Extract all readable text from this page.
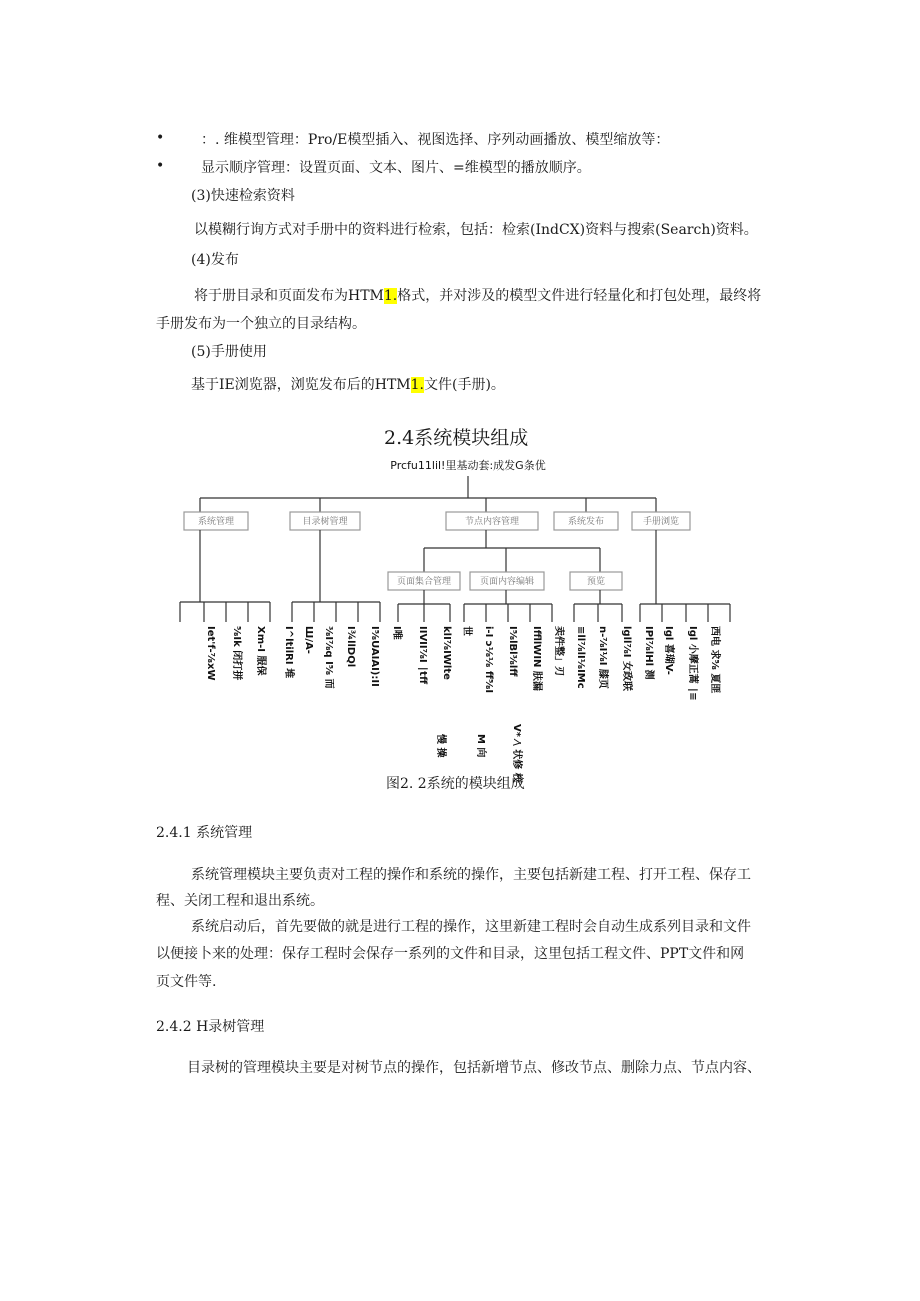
•	：. 维模型管理：Pro/E模型插入、视图选择、序列动画播放、模型缩放等：
•	显示顺序管理：设置页面、文本、图片、=维模型的播放顺序。
(3)快速检索资料
以模糊行询方式对手册中的资料进行检索，包括：检索(IndCX)资料与搜索(Search)资料。
(4)发布
将于册目录和页面发布为HTM1.格式，并对涉及的模型文件进行轻量化和打包处理，最终将
手册发布为一个独立的目录结构。
(5)手册使用
基于IE浏览器，浏览发布后的HTM1.文件(手册)。
2.4系统模块组成
Prcfu11lil!里基动套:成发G条优
系统管理	目录树管理	节点内容管理	系统发布	手册浏览
页面集合管理	页面内容编辑	预览
Iet'f-⅞xW ⅝Ik 闭打拼 Xm-I 服保 I^ltilRI 堆 Ш/A- ⅜I⅞q I⅝ 而 I¾llDQl I⅝UAIAI):II I唯 IIVII⅞I ∣tff klI⅞IWlte 世 i-I ɔ⅛⅛ ff⅝I I⅝lBl⅜lff IffllWIN 肤漏 卖件整」刃 ≡ll⅞lI⅛IMc n-⅞I⅛I 膝页 lgll⅞I 女政联 IPl⅞lHl 测 Igl 喜瑚V- Igl 小摩正蒿 ∣≡ 西电 求⅝ 夏匪
慢 操	M 向	V* ⁄\ 状修 校
图2. 2系统的模块组成
2.4.1 系统管理
系统管理模块主要负责对工程的操作和系统的操作，主要包括新建工程、打开工程、保存工
程、关闭工程和退出系统。
系统启动后，首先要做的就是进行工程的操作，这里新建工程时会自动生成系列目录和文件
以便接卜来的处理：保存工程时会保存一系列的文件和目录，这里包括工程文件、PPT文件和网
页文件等.
2.4.2 H录树管理
目录树的管理模块主要是对树节点的操作，包括新增节点、修改节点、删除力点、节点内容、
